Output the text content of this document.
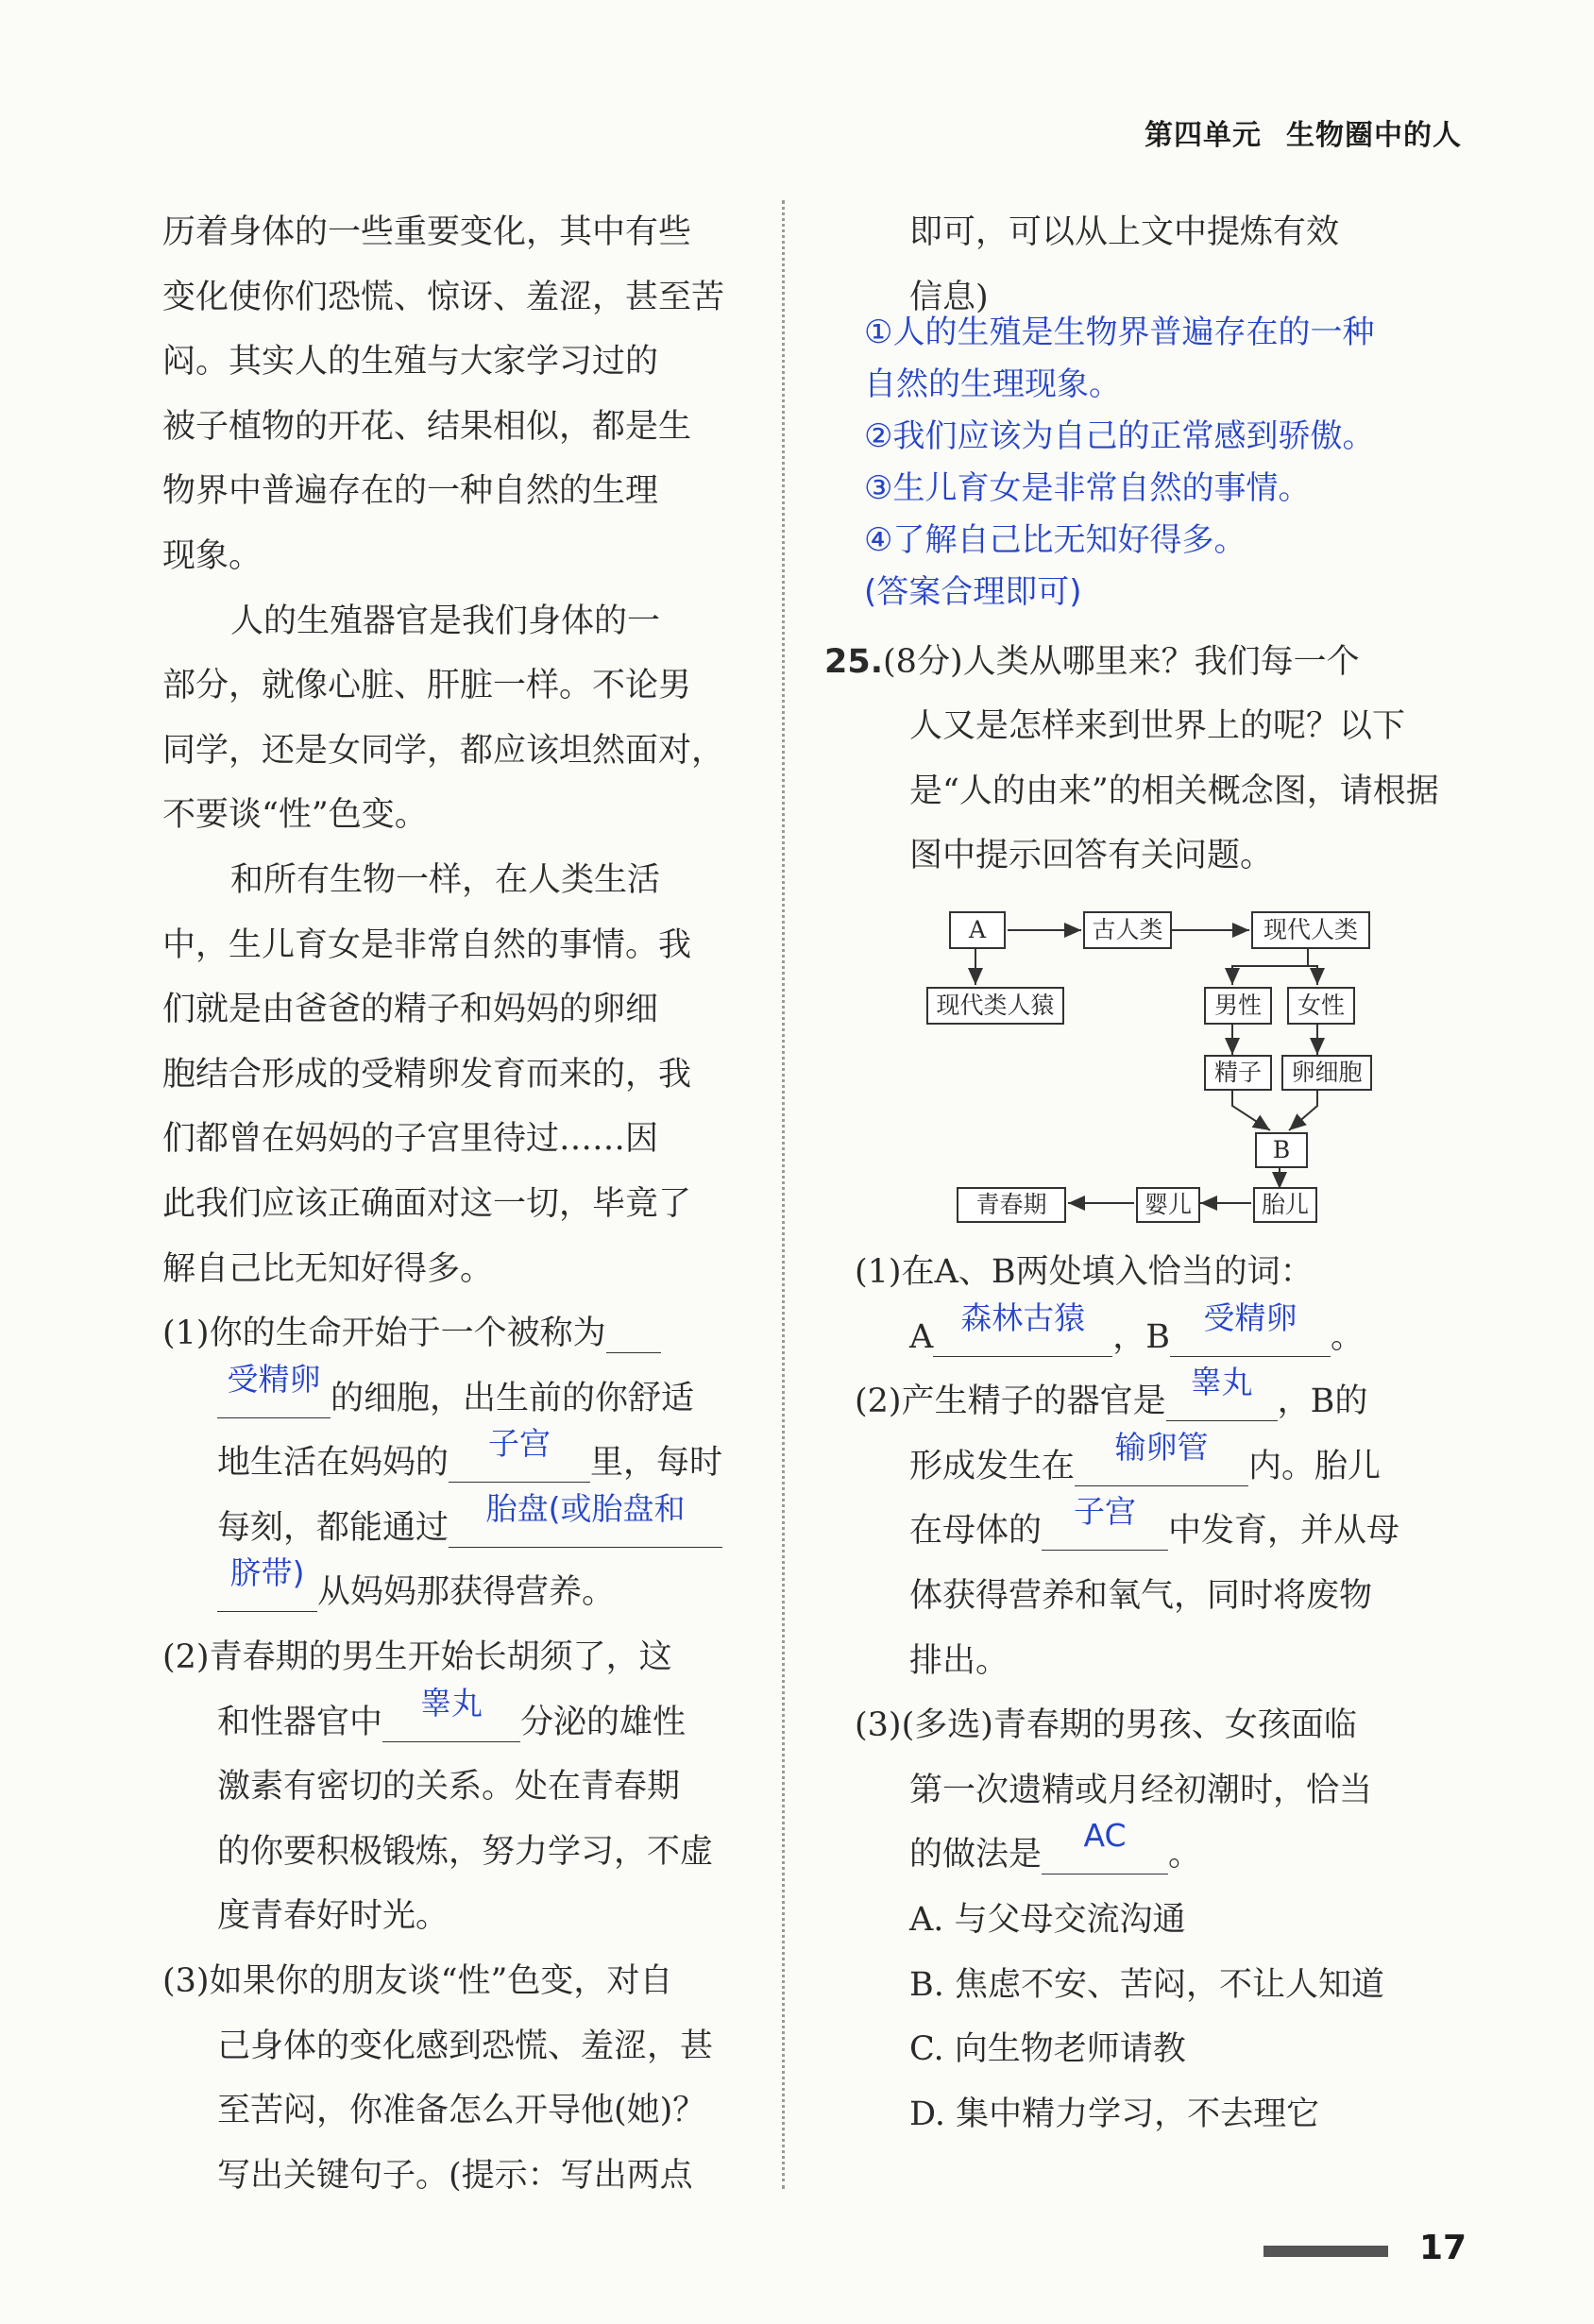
第四单元 生物圈中的人
历着身体的一些重要变化，其中有些
变化使你们恐慌、惊讶、羞涩，甚至苦
闷。其实人的生殖与大家学习过的
被子植物的开花、结果相似，都是生
物界中普遍存在的一种自然的生理
现象。
人的生殖器官是我们身体的一
部分，就像心脏、肝脏一样。不论男
同学，还是女同学，都应该坦然面对，
不要谈“性”色变。
和所有生物一样，在人类生活
中，生儿育女是非常自然的事情。我
们就是由爸爸的精子和妈妈的卵细
胞结合形成的受精卵发育而来的，我
们都曾在妈妈的子宫里待过……因
此我们应该正确面对这一切，毕竟了
解自己比无知好得多。
(1)你的生命开始于一个被称为
受精卵的细胞，出生前的你舒适
地生活在妈妈的子宫里，每时
每刻，都能通过胎盘(或胎盘和
脐带)从妈妈那获得营养。
(2)青春期的男生开始长胡须了，这
和性器官中睾丸分泌的雄性
激素有密切的关系。处在青春期
的你要积极锻炼，努力学习，不虚
度青春好时光。
(3)如果你的朋友谈“性”色变，对自
己身体的变化感到恐慌、羞涩，甚
至苦闷，你准备怎么开导他(她)？
写出关键句子。(提示：写出两点
即可，可以从上文中提炼有效
信息)
①人的生殖是生物界普遍存在的一种
自然的生理现象。
②我们应该为自己的正常感到骄傲。
③生儿育女是非常自然的事情。
④了解自己比无知好得多。
(答案合理即可)
25.(8分)人类从哪里来？我们每一个
人又是怎样来到世界上的呢？以下
是“人的由来”的相关概念图，请根据
图中提示回答有关问题。
A	古人类	现代人类
现代类人猿	男性	女性
精子	卵细胞
B
胎儿
婴儿
青春期
(1)在A、B两处填入恰当的词：
A森林古猿，B受精卵。
(2)产生精子的器官是睾丸，B的
形成发生在输卵管内。胎儿
在母体的子宫中发育，并从母
体获得营养和氧气，同时将废物
排出。
(3)(多选)青春期的男孩、女孩面临
第一次遗精或月经初潮时，恰当
的做法是AC。
A. 与父母交流沟通
B. 焦虑不安、苦闷，不让人知道
C. 向生物老师请教
D. 集中精力学习，不去理它
17
